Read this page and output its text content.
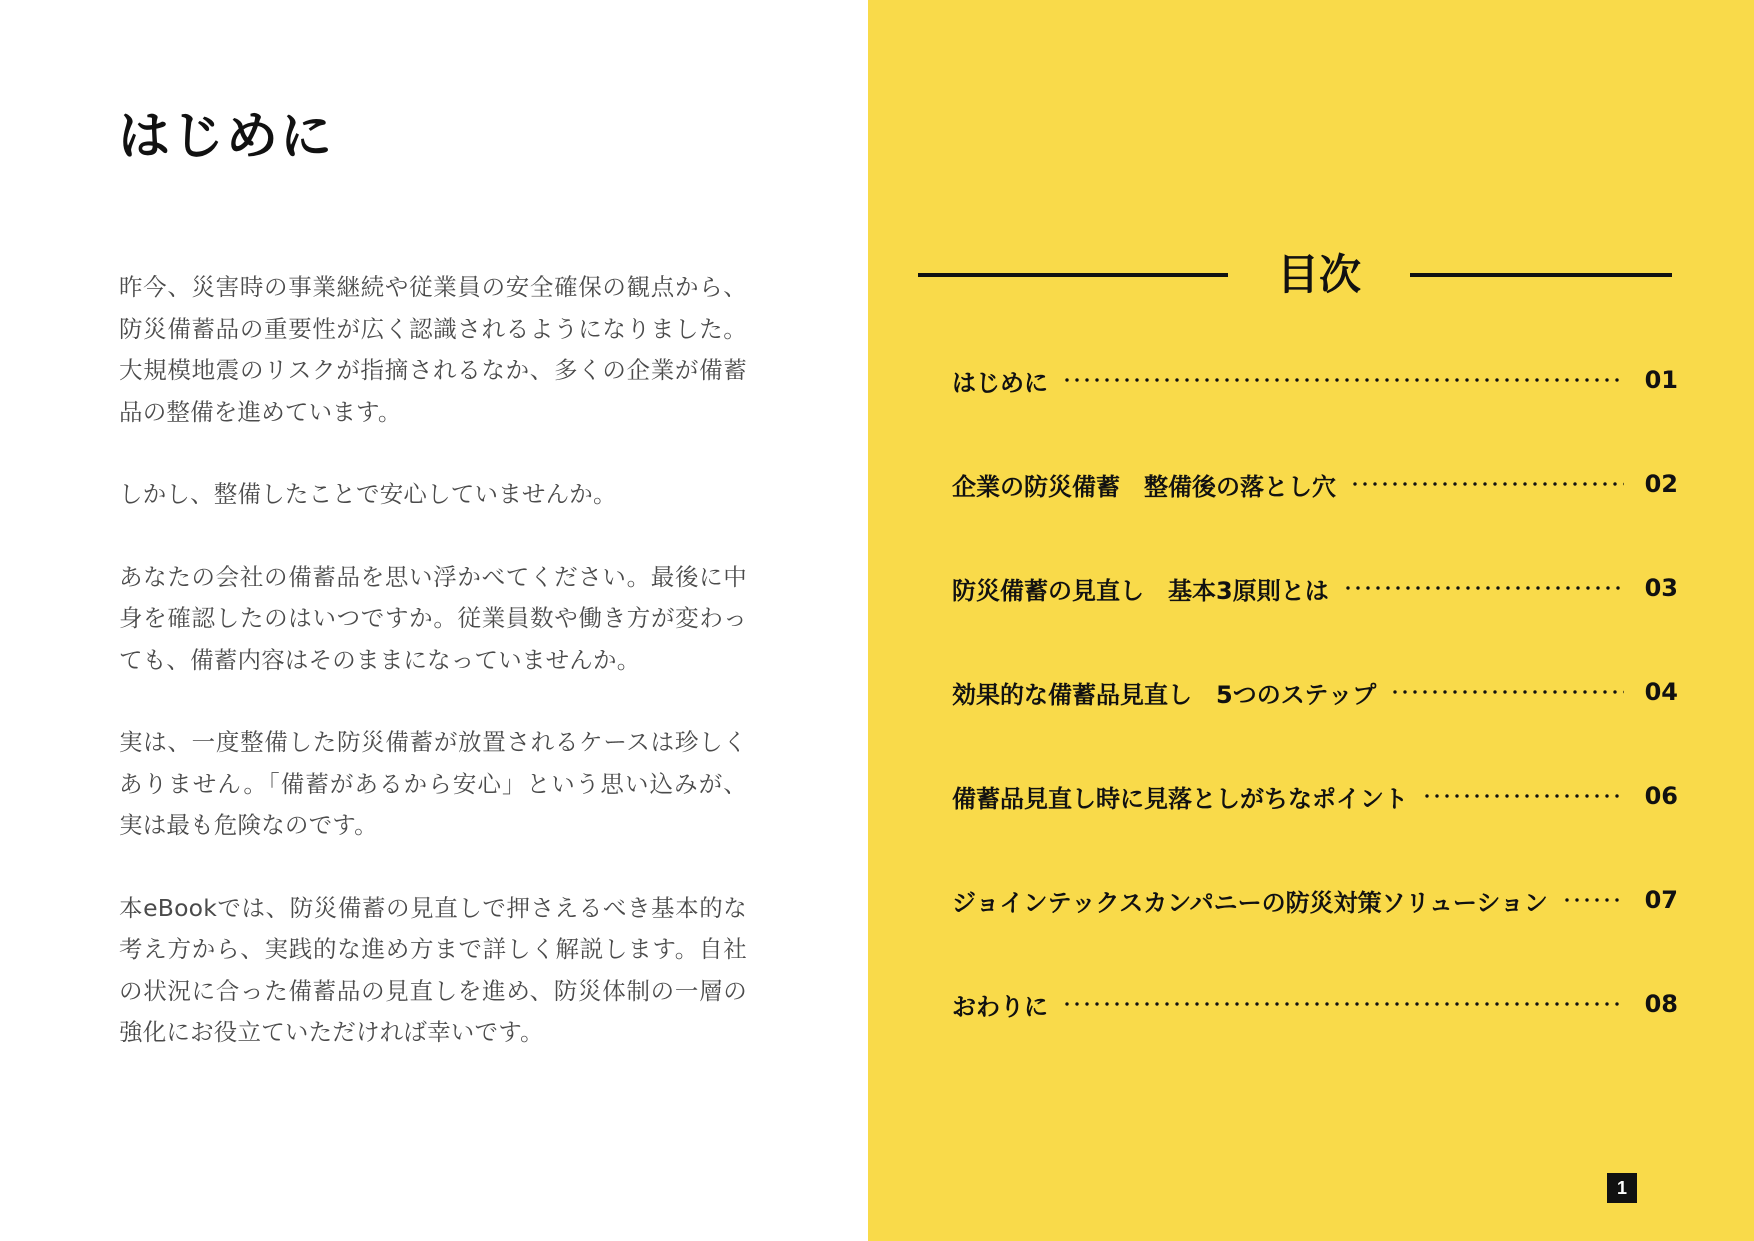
はじめに

昨今、災害時の事業継続や従業員の安全確保の観点から、防災備蓄品の重要性が広く認識されるようになりました。大規模地震のリスクが指摘されるなか、多くの企業が備蓄品の整備を進めています。

しかし、整備したことで安心していませんか。

あなたの会社の備蓄品を思い浮かべてください。最後に中身を確認したのはいつですか。従業員数や働き方が変わっても、備蓄内容はそのままになっていませんか。

実は、一度整備した防災備蓄が放置されるケースは珍しくありません。「備蓄があるから安心」という思い込みが、実は最も危険なのです。

本eBookでは、防災備蓄の見直しで押さえるべき基本的な考え方から、実践的な進め方まで詳しく解説します。自社の状況に合った備蓄品の見直しを進め、防災体制の一層の強化にお役立ていただければ幸いです。

目次
はじめに	01
企業の防災備蓄　整備後の落とし穴	02
防災備蓄の見直し　基本3原則とは	03
効果的な備蓄品見直し　5つのステップ	04
備蓄品見直し時に見落としがちなポイント	06
ジョインテックスカンパニーの防災対策ソリューション	07
おわりに	08
1
